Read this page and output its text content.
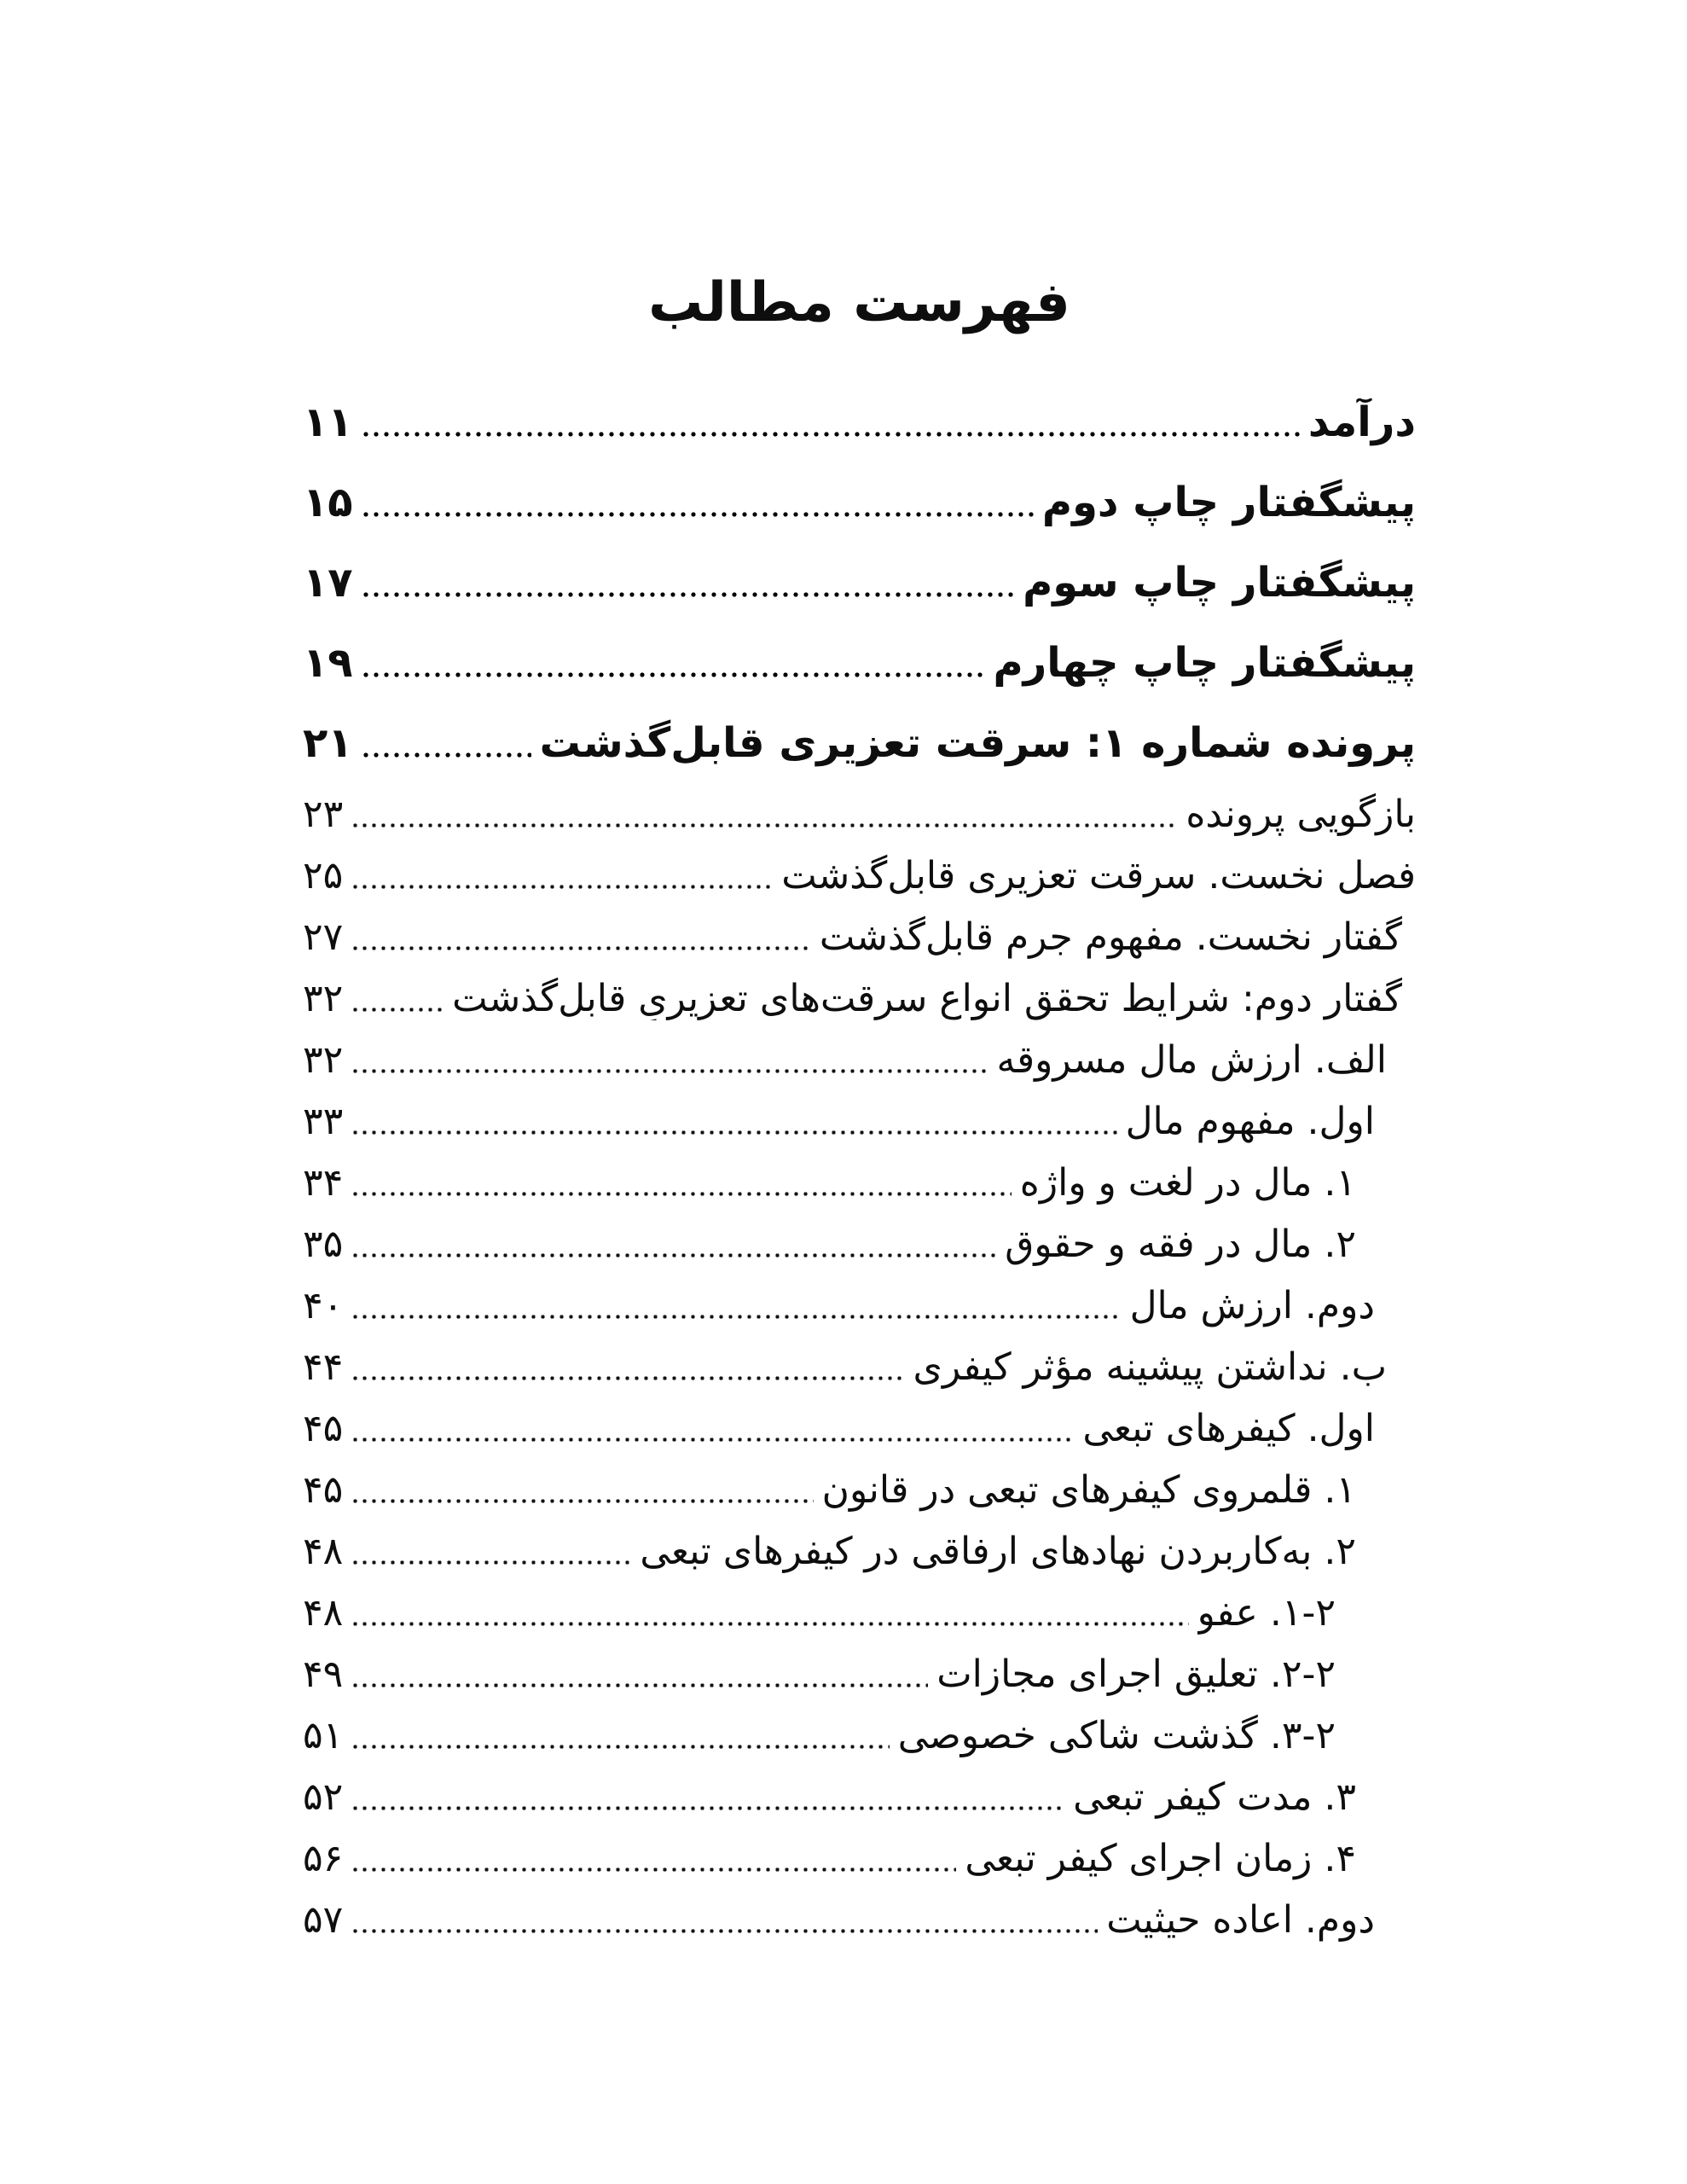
فهرست مطالب
درآمد
۱۱
پیشگفتار چاپ دوم
۱۵
پیشگفتار چاپ سوم
۱۷
پیشگفتار چاپ چهارم
۱۹
پرونده شماره ۱: سرقت تعزیری قابل‌گذشت
۲۱
بازگویی پرونده
۲۳
فصل نخست. سرقت تعزیری قابل‌گذشت
۲۵
گفتار نخست. مفهوم جرم قابل‌گذشت
۲۷
گفتار دوم: شرایط تحقق انواع سرقت‌های تعزیریِ قابل‌گذشت
۳۲
الف. ارزش مال مسروقه
۳۲
اول. مفهوم مال
۳۳
۱. مال در لغت و واژه
۳۴
۲. مال در فقه و حقوق
۳۵
دوم. ارزش مال
۴۰
ب. نداشتن پیشینه مؤثر کیفری
۴۴
اول. کیفرهای تبعی
۴۵
۱. قلمروی کیفرهای تبعی در قانون
۴۵
۲. به‌کاربردن نهادهای ارفاقی در کیفرهای تبعی
۴۸
۲‏-‏۱. عفو
۴۸
۲‏-‏۲. تعلیق اجرای مجازات
۴۹
۲‏-‏۳. گذشت شاکی خصوصی
۵۱
۳. مدت کیفر تبعی
۵۲
۴. زمان اجرای کیفر تبعی
۵۶
دوم. اعاده حیثیت
۵۷
